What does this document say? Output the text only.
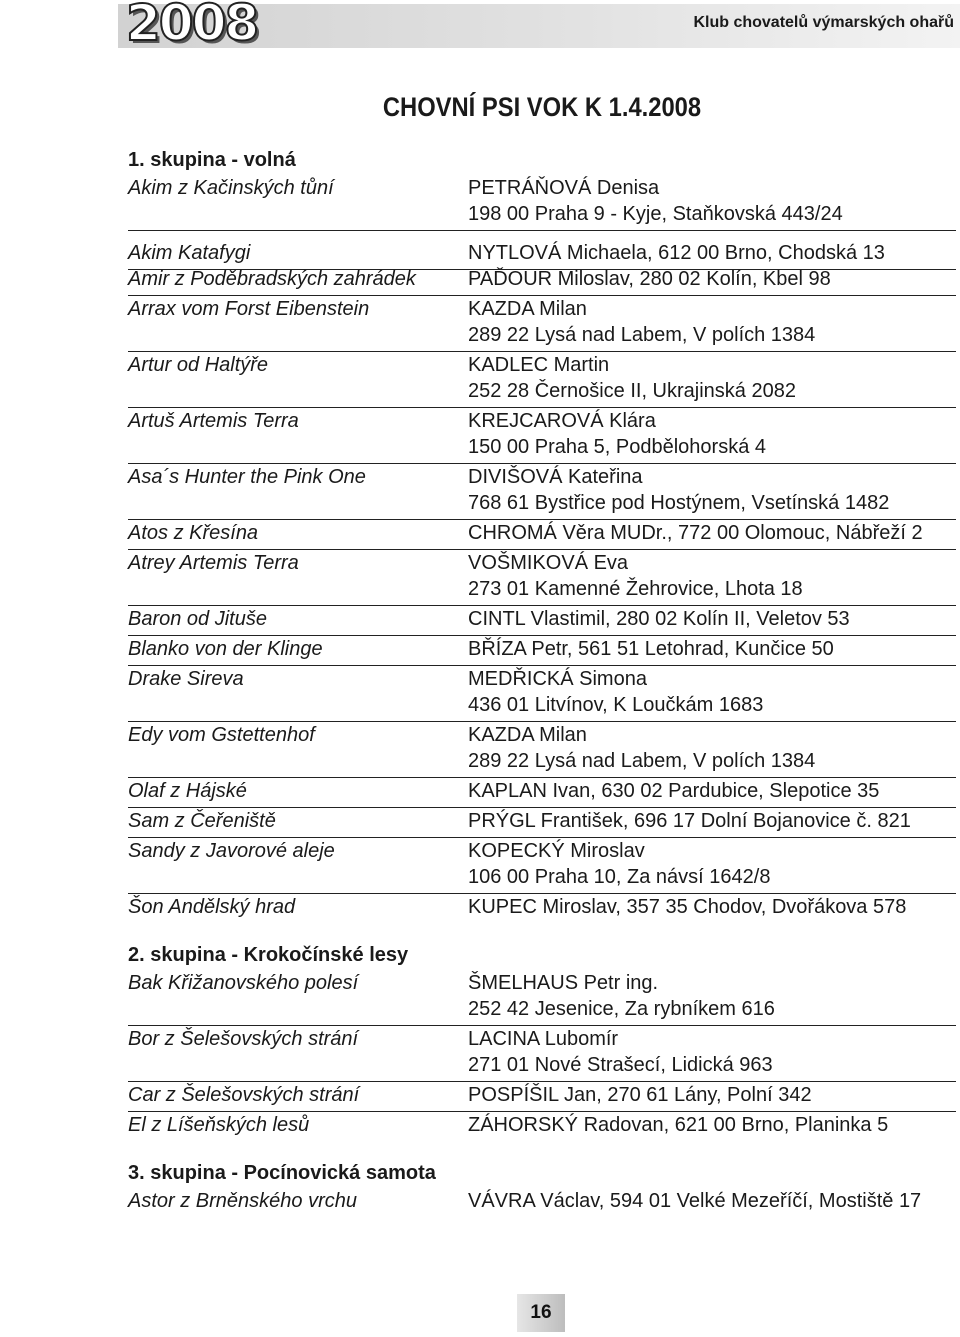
2008	Klub chovatelů výmarských ohařů
CHOVNÍ PSI VOK K 1.4.2008
1. skupina - volná
Akim z Kačinských tůní	PETRÁŇOVÁ Denisa
198 00 Praha 9 - Kyje, Staňkovská 443/24
Akim Katafygi	NYTLOVÁ Michaela, 612 00 Brno, Chodská 13
Amir z Poděbradských zahrádek	PAĎOUR Miloslav, 280 02 Kolín, Kbel 98
Arrax vom Forst Eibenstein	KAZDA Milan
289 22 Lysá nad Labem, V polích 1384
Artur od Haltýře	KADLEC Martin
252 28 Černošice II, Ukrajinská 2082
Artuš Artemis Terra	KREJCAROVÁ Klára
150 00 Praha 5, Podbělohorská 4
Asa´s Hunter the Pink One	DIVIŠOVÁ Kateřina
768 61 Bystřice pod Hostýnem, Vsetínská 1482
Atos z Křesína	CHROMÁ Věra MUDr., 772 00 Olomouc, Nábřeží 2
Atrey Artemis Terra	VOŠMIKOVÁ Eva
273 01 Kamenné Žehrovice, Lhota 18
Baron od Jituše	CINTL Vlastimil, 280 02 Kolín II, Veletov 53
Blanko von der Klinge	BŘÍZA Petr, 561 51 Letohrad, Kunčice 50
Drake Sireva	MEDŘICKÁ Simona
436 01 Litvínov, K Loučkám 1683
Edy vom Gstettenhof	KAZDA Milan
289 22 Lysá nad Labem, V polích 1384
Olaf z Hájské	KAPLAN Ivan, 630 02 Pardubice, Slepotice 35
Sam z Čeřeniště	PRÝGL František, 696 17 Dolní Bojanovice č. 821
Sandy z Javorové aleje	KOPECKÝ Miroslav
106 00 Praha 10, Za návsí 1642/8
Šon Andělský hrad	KUPEC Miroslav, 357 35 Chodov, Dvořákova 578
2. skupina - Krokočínské lesy
Bak Křižanovského polesí	ŠMELHAUS Petr ing.
252 42 Jesenice, Za rybníkem 616
Bor z Šelešovských strání	LACINA Lubomír
271 01 Nové Strašecí, Lidická 963
Car z Šelešovských strání	POSPÍŠIL Jan, 270 61 Lány, Polní 342
El z Líšeňských lesů	ZÁHORSKÝ Radovan, 621 00 Brno, Planinka 5
3. skupina - Pocínovická samota
Astor z Brněnského vrchu	VÁVRA Václav, 594 01 Velké Mezeříčí, Mostiště 17
16
